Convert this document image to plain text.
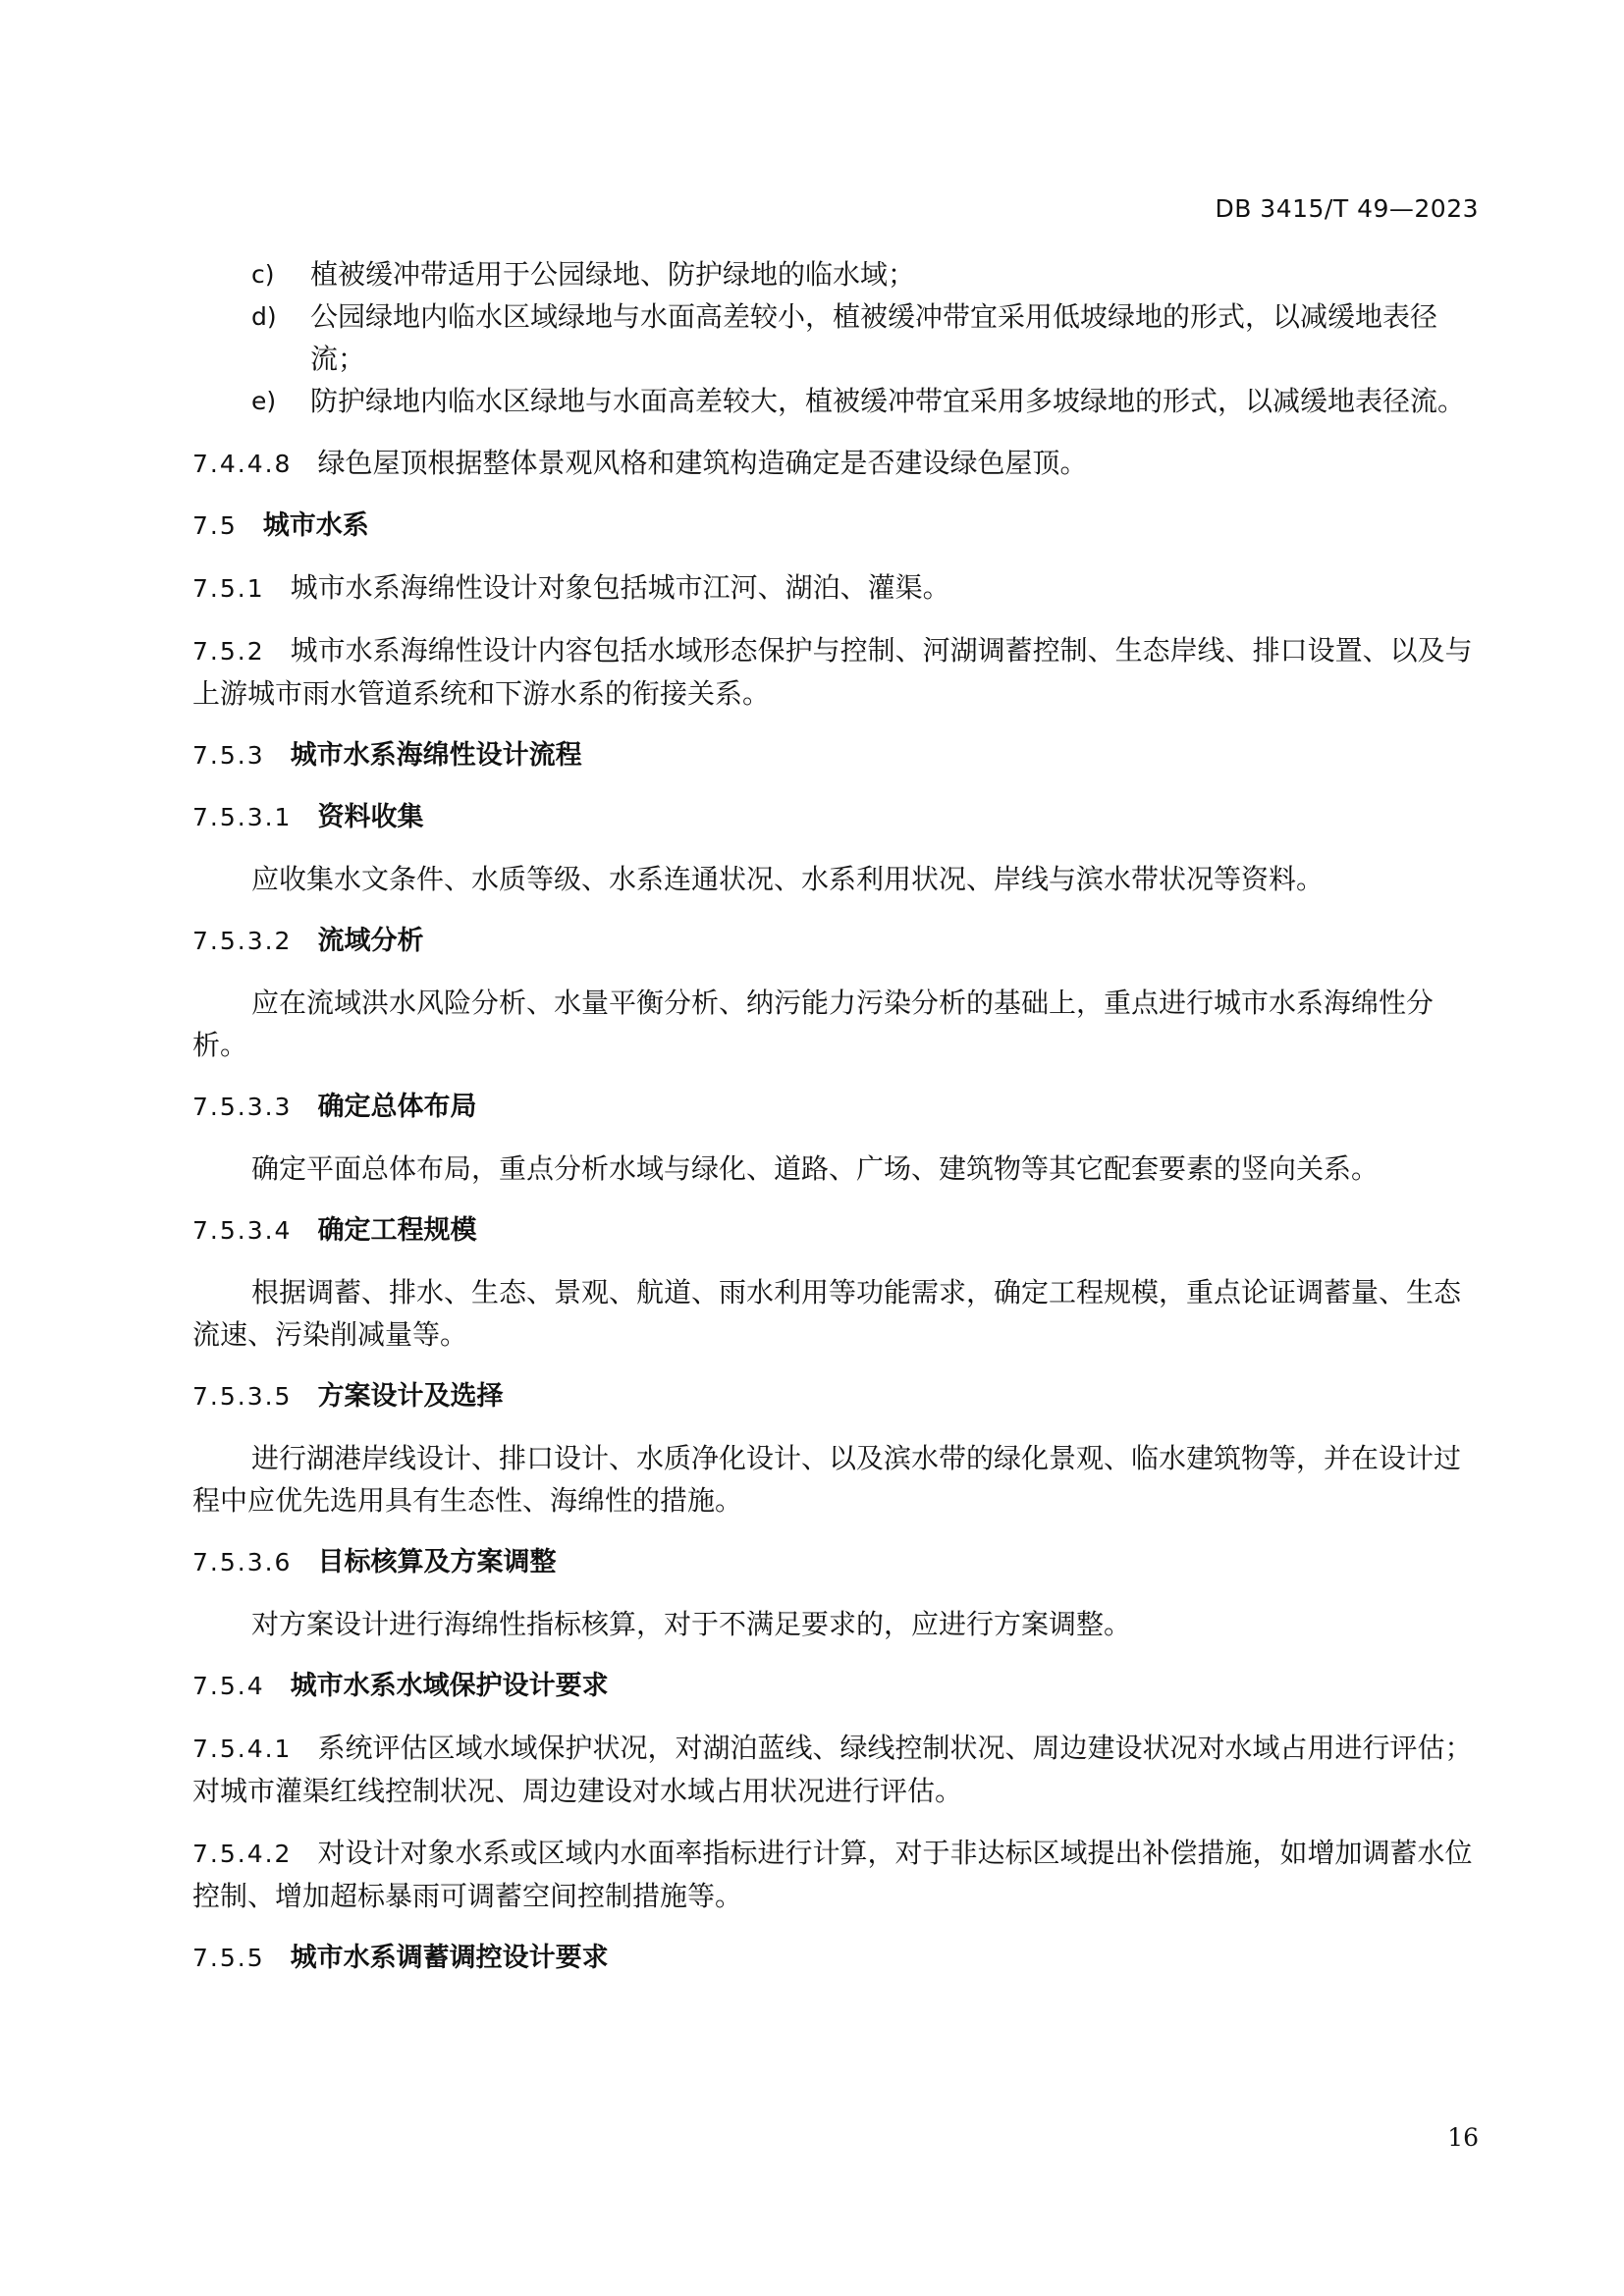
DB 3415/T 49—2023
c)	植被缓冲带适用于公园绿地、防护绿地的临水域；
d)	公园绿地内临水区域绿地与水面高差较小，植被缓冲带宜采用低坡绿地的形式，以减缓地表径流；
e)	防护绿地内临水区绿地与水面高差较大，植被缓冲带宜采用多坡绿地的形式，以减缓地表径流。
7.4.4.8 绿色屋顶根据整体景观风格和建筑构造确定是否建设绿色屋顶。
7.5 城市水系
7.5.1 城市水系海绵性设计对象包括城市江河、湖泊、灌渠。
7.5.2 城市水系海绵性设计内容包括水域形态保护与控制、河湖调蓄控制、生态岸线、排口设置、以及与上游城市雨水管道系统和下游水系的衔接关系。
7.5.3 城市水系海绵性设计流程
7.5.3.1 资料收集
应收集水文条件、水质等级、水系连通状况、水系利用状况、岸线与滨水带状况等资料。
7.5.3.2 流域分析
应在流域洪水风险分析、水量平衡分析、纳污能力污染分析的基础上，重点进行城市水系海绵性分析。
7.5.3.3 确定总体布局
确定平面总体布局，重点分析水域与绿化、道路、广场、建筑物等其它配套要素的竖向关系。
7.5.3.4 确定工程规模
根据调蓄、排水、生态、景观、航道、雨水利用等功能需求，确定工程规模，重点论证调蓄量、生态流速、污染削减量等。
7.5.3.5 方案设计及选择
进行湖港岸线设计、排口设计、水质净化设计、以及滨水带的绿化景观、临水建筑物等，并在设计过程中应优先选用具有生态性、海绵性的措施。
7.5.3.6 目标核算及方案调整
对方案设计进行海绵性指标核算，对于不满足要求的，应进行方案调整。
7.5.4 城市水系水域保护设计要求
7.5.4.1 系统评估区域水域保护状况，对湖泊蓝线、绿线控制状况、周边建设状况对水域占用进行评估；对城市灌渠红线控制状况、周边建设对水域占用状况进行评估。
7.5.4.2 对设计对象水系或区域内水面率指标进行计算，对于非达标区域提出补偿措施，如增加调蓄水位控制、增加超标暴雨可调蓄空间控制措施等。
7.5.5 城市水系调蓄调控设计要求
16
